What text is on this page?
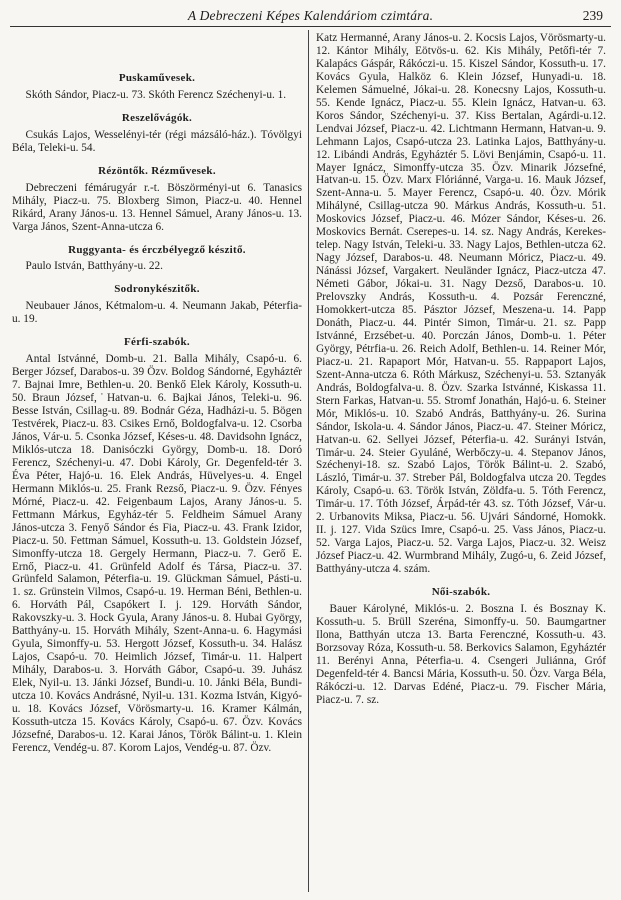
A Debreczeni Képes Kalendáriom czimtára.	239
Puskaművesek.

Skóth Sándor, Piacz-u. 73. Skóth Ferencz Széchenyi-u. 1.

Reszelővágók.

Csukás Lajos, Wesselényi-tér (régi mázsáló-ház.). Tóvölgyi Béla, Teleki-u. 54.

Rézöntők. Rézművesek.

Debreczeni fémárugyár r.-t. Böszörményi-ut 6. Tanasics Mihály, Piacz-u. 75. Bloxberg Simon, Piacz-u. 40. Hennel Rikárd, Arany János-u. 13. Hennel Sámuel, Arany János-u. 13. Varga János, Szent-Anna-utcza 6.

Ruggyanta- és érczbélyegző készitő.

Paulo István, Batthyány-u. 22.

Sodronykészitők.

Neubauer János, Kétmalom-u. 4. Neumann Jakab, Péterfia-u. 19.

Férfi-szabók.

Antal Istvánné, Domb-u. 21. Balla Mihály, Csapó-u. 6. Berger József, Darabos-u. 39 Özv. Boldog Sándorné, Egyházté̇r 7. Bajnai Imre, Bethlen-u. 20. Benkő Elek Károly, Kossuth-u. 50. Braun József,˙Hatvan-u. 6. Bajkai János, Teleki-u. 96. Besse István, Csillag-u. 89. Bodnár Géza, Hadházi-u. 5. Bögen Testvérek, Piacz-u. 83. Csikes Ernő, Boldogfalva-u. 12. Csorba János, Vár-u. 5. Csonka József, Késes-u. 48. Davidsohn Ignácz, Miklós-utcza 18. Danisóczki György, Domb-u. 18. Doró Ferencz, Széchenyi-u. 47. Dobi Károly, Gr. Degenfeld-tér 3. Éva Péter, Hajó-u. 16. Elek András, Hüvelyes-u. 4. Engel Hermann Miklós-u. 25. Frank Rezső, Piacz-u. 9. Özv. Fényes Mórné, Piacz-u. 42. Feigenbaum Lajos, Arany János-u. 5. Fettmann Márkus, Egyház-tér 5. Feldheim Sámuel Arany János-utcza 3. Fenyő Sándor és Fia, Piacz-u. 43. Frank Izidor, Piacz-u. 50. Fettman Sámuel, Kossuth-u. 13. Goldstein József, Simonffy-utcza 18. Gergely Hermann, Piacz-u. 7. Gerő E. Ernő, Piacz-u. 41. Grünfeld Adolf és Társa, Piacz-u. 37. Grünfeld Salamon, Péterfia-u. 19. Glückman Sámuel, Pásti-u. 1. sz. Grünstein Vilmos, Csapó-u. 19. Herman Béni, Bethlen-u. 6. Horváth Pál, Csapókert I. j. 129. Horváth Sándor, Rakovszky-u. 3. Hock Gyula, Arany János-u. 8. Hubai György, Batthyány-u. 15. Horváth Mihály, Szent-Anna-u. 6. Hagymási Gyula, Simonffy-u. 53. Hergott József, Kossuth-u. 34. Halász Lajos, Csapó-u. 70. Heimlich József, Timár-u. 11. Halpert Mihály, Darabos-u. 3. Horváth Gábor, Csapó-u. 39. Juhász Elek, Nyil-u. 13. Jánki József, Bundi-u. 10. Jánki Béla, Bundi-utcza 10. Kovács Andrásné, Nyil-u. 131. Kozma István, Kigyó-u. 18. Kovács József, Vörösmarty-u. 16. Kramer Kálmán, Kossuth-utcza 15. Kovács Károly, Csapó-u. 67. Özv. Kovács Józsefné, Darabos-u. 12. Karai János, Török Bálint-u. 1. Klein Ferencz, Vendég-u. 87. Korom Lajos, Vendég-u. 87. Özv.

Katz Hermanné, Arany János-u. 2. Kocsis Lajos, Vörösmarty-u. 12. Kántor Mihály, Eötvös-u. 62. Kis Mihály, Petőfi-tér 7. Kalapács Gáspár, Rákóczi-u. 15. Kiszel Sándor, Kossuth-u. 17. Kovács Gyula, Halköz 6. Klein József, Hunyadi-u. 18. Kelemen Sámuelné, Jókai-u. 28. Konecsny Lajos, Kossuth-u. 55. Kende Ignácz, Piacz-u. 55. Klein Ignácz, Hatvan-u. 63. Koros Sándor, Széchenyi-u. 37. Kiss Bertalan, Agárdi-u.12. Lendvai József, Piacz-u. 42. Lichtmann Hermann, Hatvan-u. 9. Lehmann Lajos, Csapó-utcza 23. Latinka Lajos, Batthyány-u. 12. Libándi András, Egyháztér 5. Lövi Benjámin, Csapó-u. 11. Mayer Ignácz, Simonffy-utcza 35. Özv. Minarik Józsefné, Hatvan-u. 15. Özv. Marx Flóriánné, Varga-u. 16. Mauk József, Szent-Anna-u. 5. Mayer Ferencz, Csapó-u. 40. Özv. Mórik Mihályné, Csillag-utcza 90. Márkus András, Kossuth-u. 51. Moskovics József, Piacz-u. 46. Mózer Sándor, Késes-u. 26. Moskovics Bernát. Cserepes-u. 14. sz. Nagy András, Kerekes-telep. Nagy István, Teleki-u. 33. Nagy Lajos, Bethlen-utcza 62. Nagy József, Darabos-u. 48. Neumann Móricz, Piacz-u. 49. Nánássi József, Vargakert. Neuländer Ignácz, Piacz-utcza 47. Németi Gábor, Jókai-u. 31. Nagy Dezső, Darabos-u. 10. Prelovszky András, Kossuth-u. 4. Pozsár Ferenczné, Homokkert-utcza 85. Pásztor József, Meszena-u. 14. Papp Donáth, Piacz-u. 44. Pintér Simon, Timár-u. 21. sz. Papp Istvánné, Erzsébet-u. 40. Porczán János, Domb-u. 1. Péter György, Pétrfia-u. 26. Reich Adolf, Bethlen-u. 14. Reiner Mór, Piacz-u. 21. Rapaport Mór, Hatvan-u. 55. Rappaport Lajos, Szent-Anna-utcza 6. Róth Márkusz, Széchenyi-u. 53. Sztanyák András, Boldogfalva-u. 8. Özv. Szarka Istvánné, Kiskassa 11. Stern Farkas, Hatvan-u. 55. Stromf Jonathán, Hajó-u. 6. Steiner Mór, Miklós-u. 10. Szabó András, Batthyány-u. 26. Surina Sándor, Iskola-u. 4. Sándor János, Piacz-u. 47. Steiner Móricz, Hatvan-u. 62. Sellyei József, Péterfia-u. 42. Surányi István, Timár-u. 24. Steier Gyuláné, Werbőczy-u. 4. Stepanov János, Széchenyi-18. sz. Szabó Lajos, Török Bálint-u. 2. Szabó, László, Timár-u. 37. Streber Pál, Boldogfalva utcza 20. Tegdes Károly, Csapó-u. 63. Török István, Zöldfa-u. 5. Tóth Ferencz, Timár-u. 17. Tóth József, Árpád-tér 43. sz. Tóth József, Vár-u. 2. Urbanovits Miksa, Piacz-u. 56. Ujvári Sándorné, Homokk. II. j. 127. Vida Szücs Imre, Csapó-u. 25. Vass János, Piacz-u. 52. Varga Lajos, Piacz-u. 52. Varga Lajos, Piacz-u. 32. Weisz József Piacz-u. 42. Wurmbrand Mihály, Zugó-u, 6. Zeid József, Batthyány-utcza 4. szám.

Női-szabók.

Bauer Károlyné, Miklós-u. 2. Boszna I. és Bosznay K. Kossuth-u. 5. Brüll Szeréna, Simonffy-u. 50. Baumgartner Ilona, Batthyán utcza 13. Barta Ferenczné, Kossuth-u. 43. Borzsovay Róza, Kossuth-u. 58. Berkovics Salamon, Egyháztér 11. Berényi Anna, Péterfia-u. 4. Csengeri Juliánna, Gróf Degenfeld-tér 4. Bancsi Mária, Kossuth-u. 50. Özv. Varga Béla, Rákóczi-u. 12. Darvas Edéné, Piacz-u. 79. Fischer Mária, Piacz-u. 7. sz.
